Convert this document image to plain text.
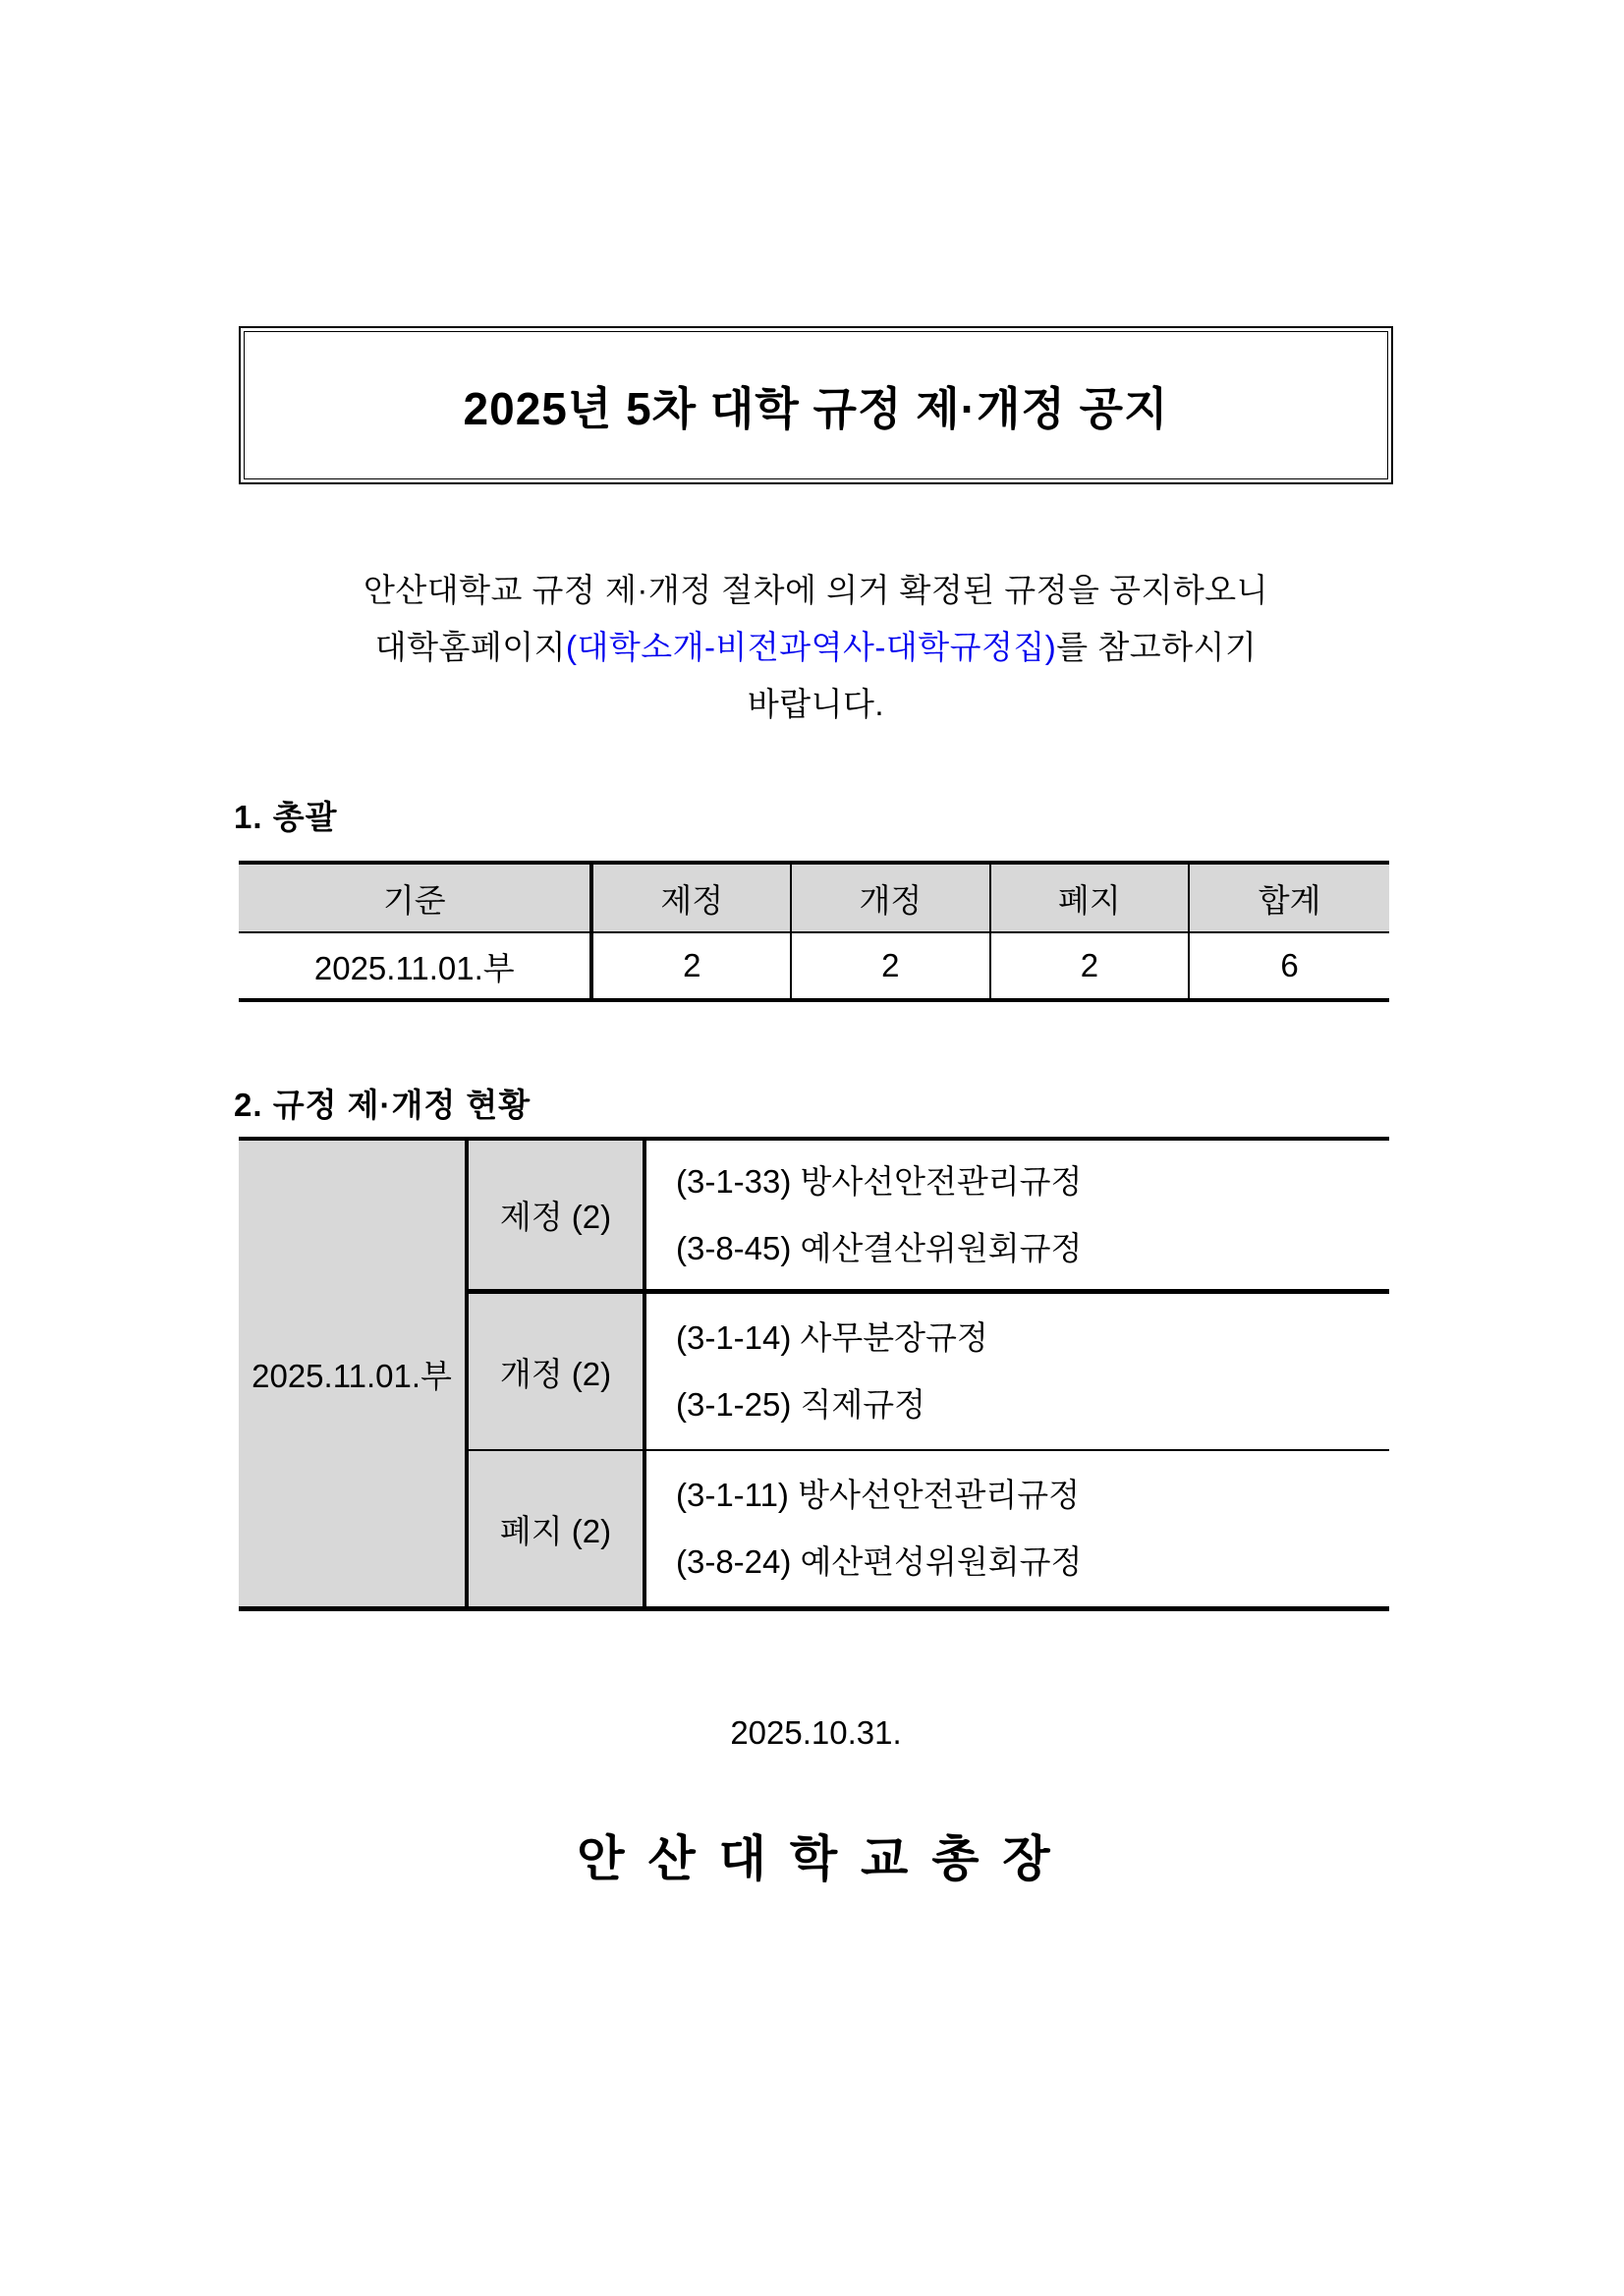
2025년 5차 대학 규정 제·개정 공지
안산대학교 규정 제·개정 절차에 의거 확정된 규정을 공지하오니
대학홈페이지(대학소개-비전과역사-대학규정집)를 참고하시기
바랍니다.
1. 총괄
기준	제정	개정	폐지	합계
2025.11.01.부	2	2	2	6
2. 규정 제·개정 현황
2025.11.01.부	제정 (2)	(3-1-33) 방사선안전관리규정
(3-8-45) 예산결산위원회규정

	개정 (2)	(3-1-14) 사무분장규정
(3-1-25) 직제규정

	폐지 (2)	(3-1-11) 방사선안전관리규정
(3-8-24) 예산편성위원회규정
2025.10.31.
안 산 대 학 교 총 장
